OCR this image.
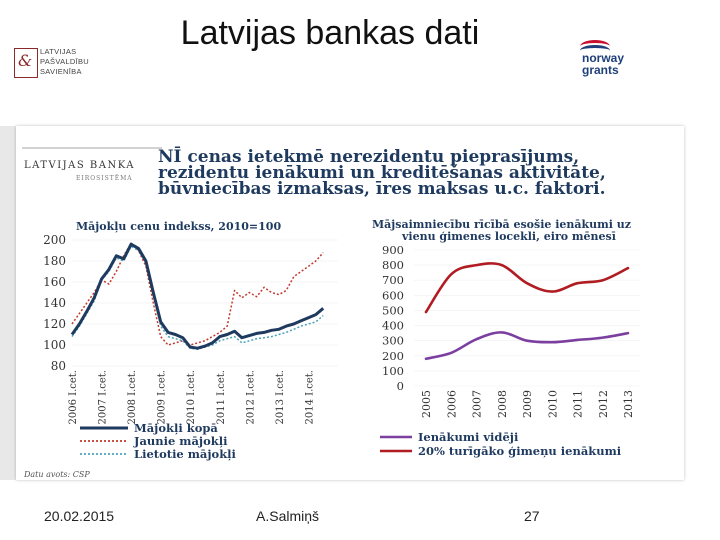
Latvijas bankas dati
& LATVIJAS
PAŠVALDĪBU
SAVIENĪBA
norway
grants
LATVIJAS BANKA
EIROSISTĒMA
NĪ cenas ietekmē nerezidentu pieprasījums,
rezidentu ienākumi un kreditēšanas aktivitāte,
būvniecības izmaksas, īres maksas u.c. faktori.
Mājokļu cenu indekss, 2010=100
80
100
120
140
160
180
200
2006 I.cet. 2007 I.cet. 2008 I.cet. 2009 I.cet. 2010 I.cet. 2011 I.cet. 2012 I.cet. 2013 I.cet. 2014 I.cet.
Mājokļi kopā
Jaunie mājokļi
Lietotie mājokļi
Mājsaimniecību rīcībā esošie ienākumi uz
vienu ģimenes locekli, eiro mēnesī
0
100
200
300
400
500
600
700
800
900
2005 2006 2007 2008 2009 2010 2011 2012 2013
Ienākumi vidēji
20% turīgāko ģimeņu ienākumi
Datu avots: CSP
20.02.2015	A.Salmiņš	27
